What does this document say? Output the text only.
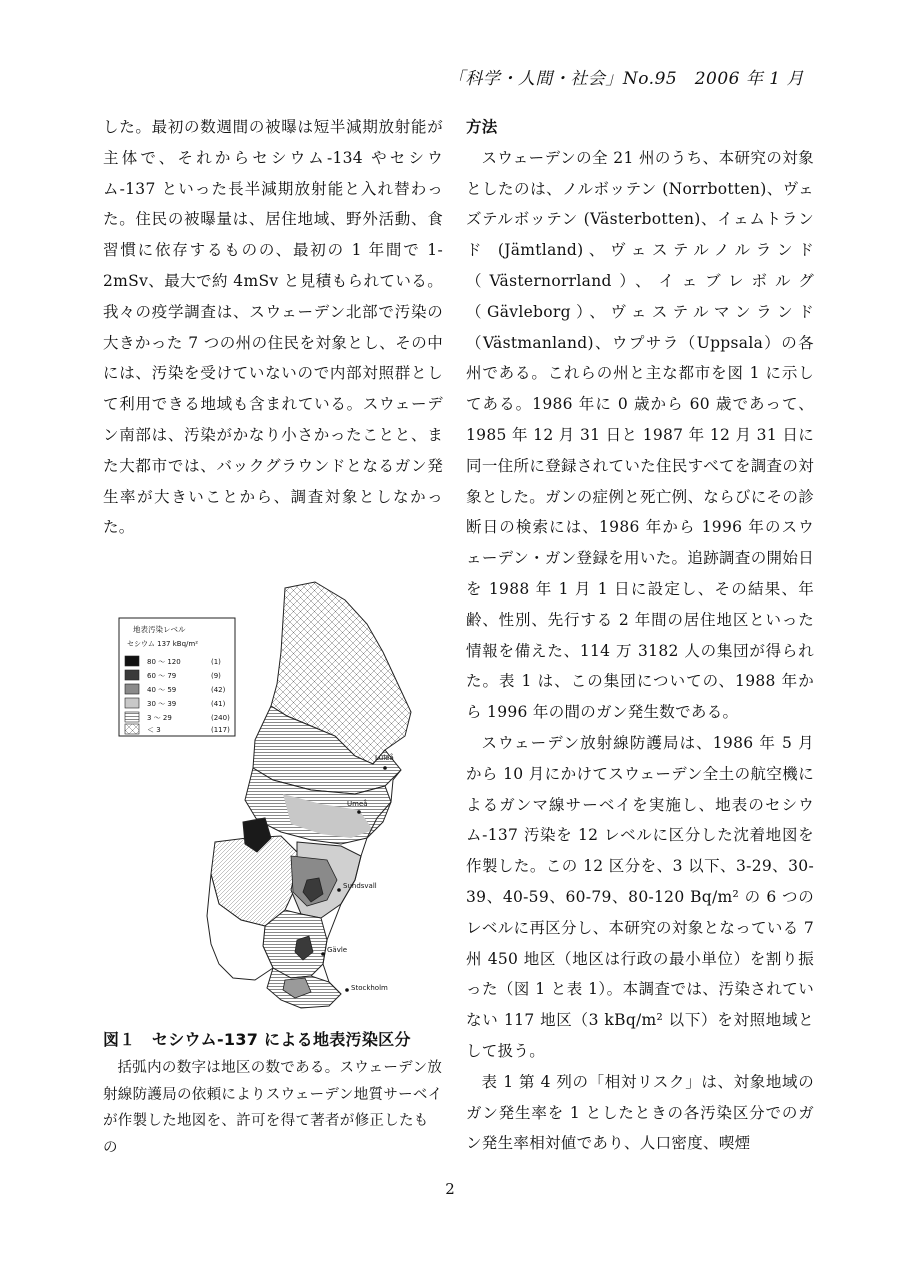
「科学・人間・社会」No.95　2006 年 1 月

した。最初の数週間の被曝は短半減期放射能が主体で、それからセシウム-134 やセシウム-137 といった長半減期放射能と入れ替わった。住民の被曝量は、居住地域、野外活動、食習慣に依存するものの、最初の 1 年間で 1-2mSv、最大で約 4mSv と見積もられている。我々の疫学調査は、スウェーデン北部で汚染の大きかった 7 つの州の住民を対象とし、その中には、汚染を受けていないので内部対照群として利用できる地域も含まれている。スウェーデン南部は、汚染がかなり小さかったことと、また大都市では、バックグラウンドとなるガン発生率が大きいことから、調査対象としなかった。

Luleå
Umeå
Sundsvall
Gävle
Stockholm
地表汚染レベル
セシウム 137 kBq/m²
80 ～ 120	(1)
60 ～ 79	(9)
40 ～ 59	(42)
30 ～ 39	(41)
3 ～ 29	(240)
＜ 3	(117)
図１　セシウム-137 による地表汚染区分
括弧内の数字は地区の数である。スウェーデン放射線防護局の依頼によりスウェーデン地質サーベイが作製した地図を、許可を得て著者が修正したもの

方法

スウェーデンの全 21 州のうち、本研究の対象としたのは、ノルボッテン (Norrbotten)、ヴェズテルボッテン (Västerbotten)、イェムトランド (Jämtland)、ヴェステルノルランド（Västernorrland）、イェブレボルグ（Gävleborg）、ヴェステルマンランド（Västmanland)、ウプサラ（Uppsala）の各州である。これらの州と主な都市を図 1 に示してある。1986 年に 0 歳から 60 歳であって、1985 年 12 月 31 日と 1987 年 12 月 31 日に同一住所に登録されていた住民すべてを調査の対象とした。ガンの症例と死亡例、ならびにその診断日の検索には、1986 年から 1996 年のスウェーデン・ガン登録を用いた。追跡調査の開始日を 1988 年 1 月 1 日に設定し、その結果、年齢、性別、先行する 2 年間の居住地区といった情報を備えた、114 万 3182 人の集団が得られた。表 1 は、この集団についての、1988 年から 1996 年の間のガン発生数である。

スウェーデン放射線防護局は、1986 年 5 月から 10 月にかけてスウェーデン全土の航空機によるガンマ線サーベイを実施し、地表のセシウム-137 汚染を 12 レベルに区分した沈着地図を作製した。この 12 区分を、3 以下、3-29、30-39、40-59、60-79、80-120 Bq/m² の 6 つのレベルに再区分し、本研究の対象となっている 7 州 450 地区（地区は行政の最小単位）を割り振った（図 1 と表 1）。本調査では、汚染されていない 117 地区（3 kBq/m² 以下）を対照地域として扱う。

表 1 第 4 列の「相対リスク」は、対象地域のガン発生率を 1 としたときの各汚染区分でのガン発生率相対値であり、人口密度、喫煙

2
